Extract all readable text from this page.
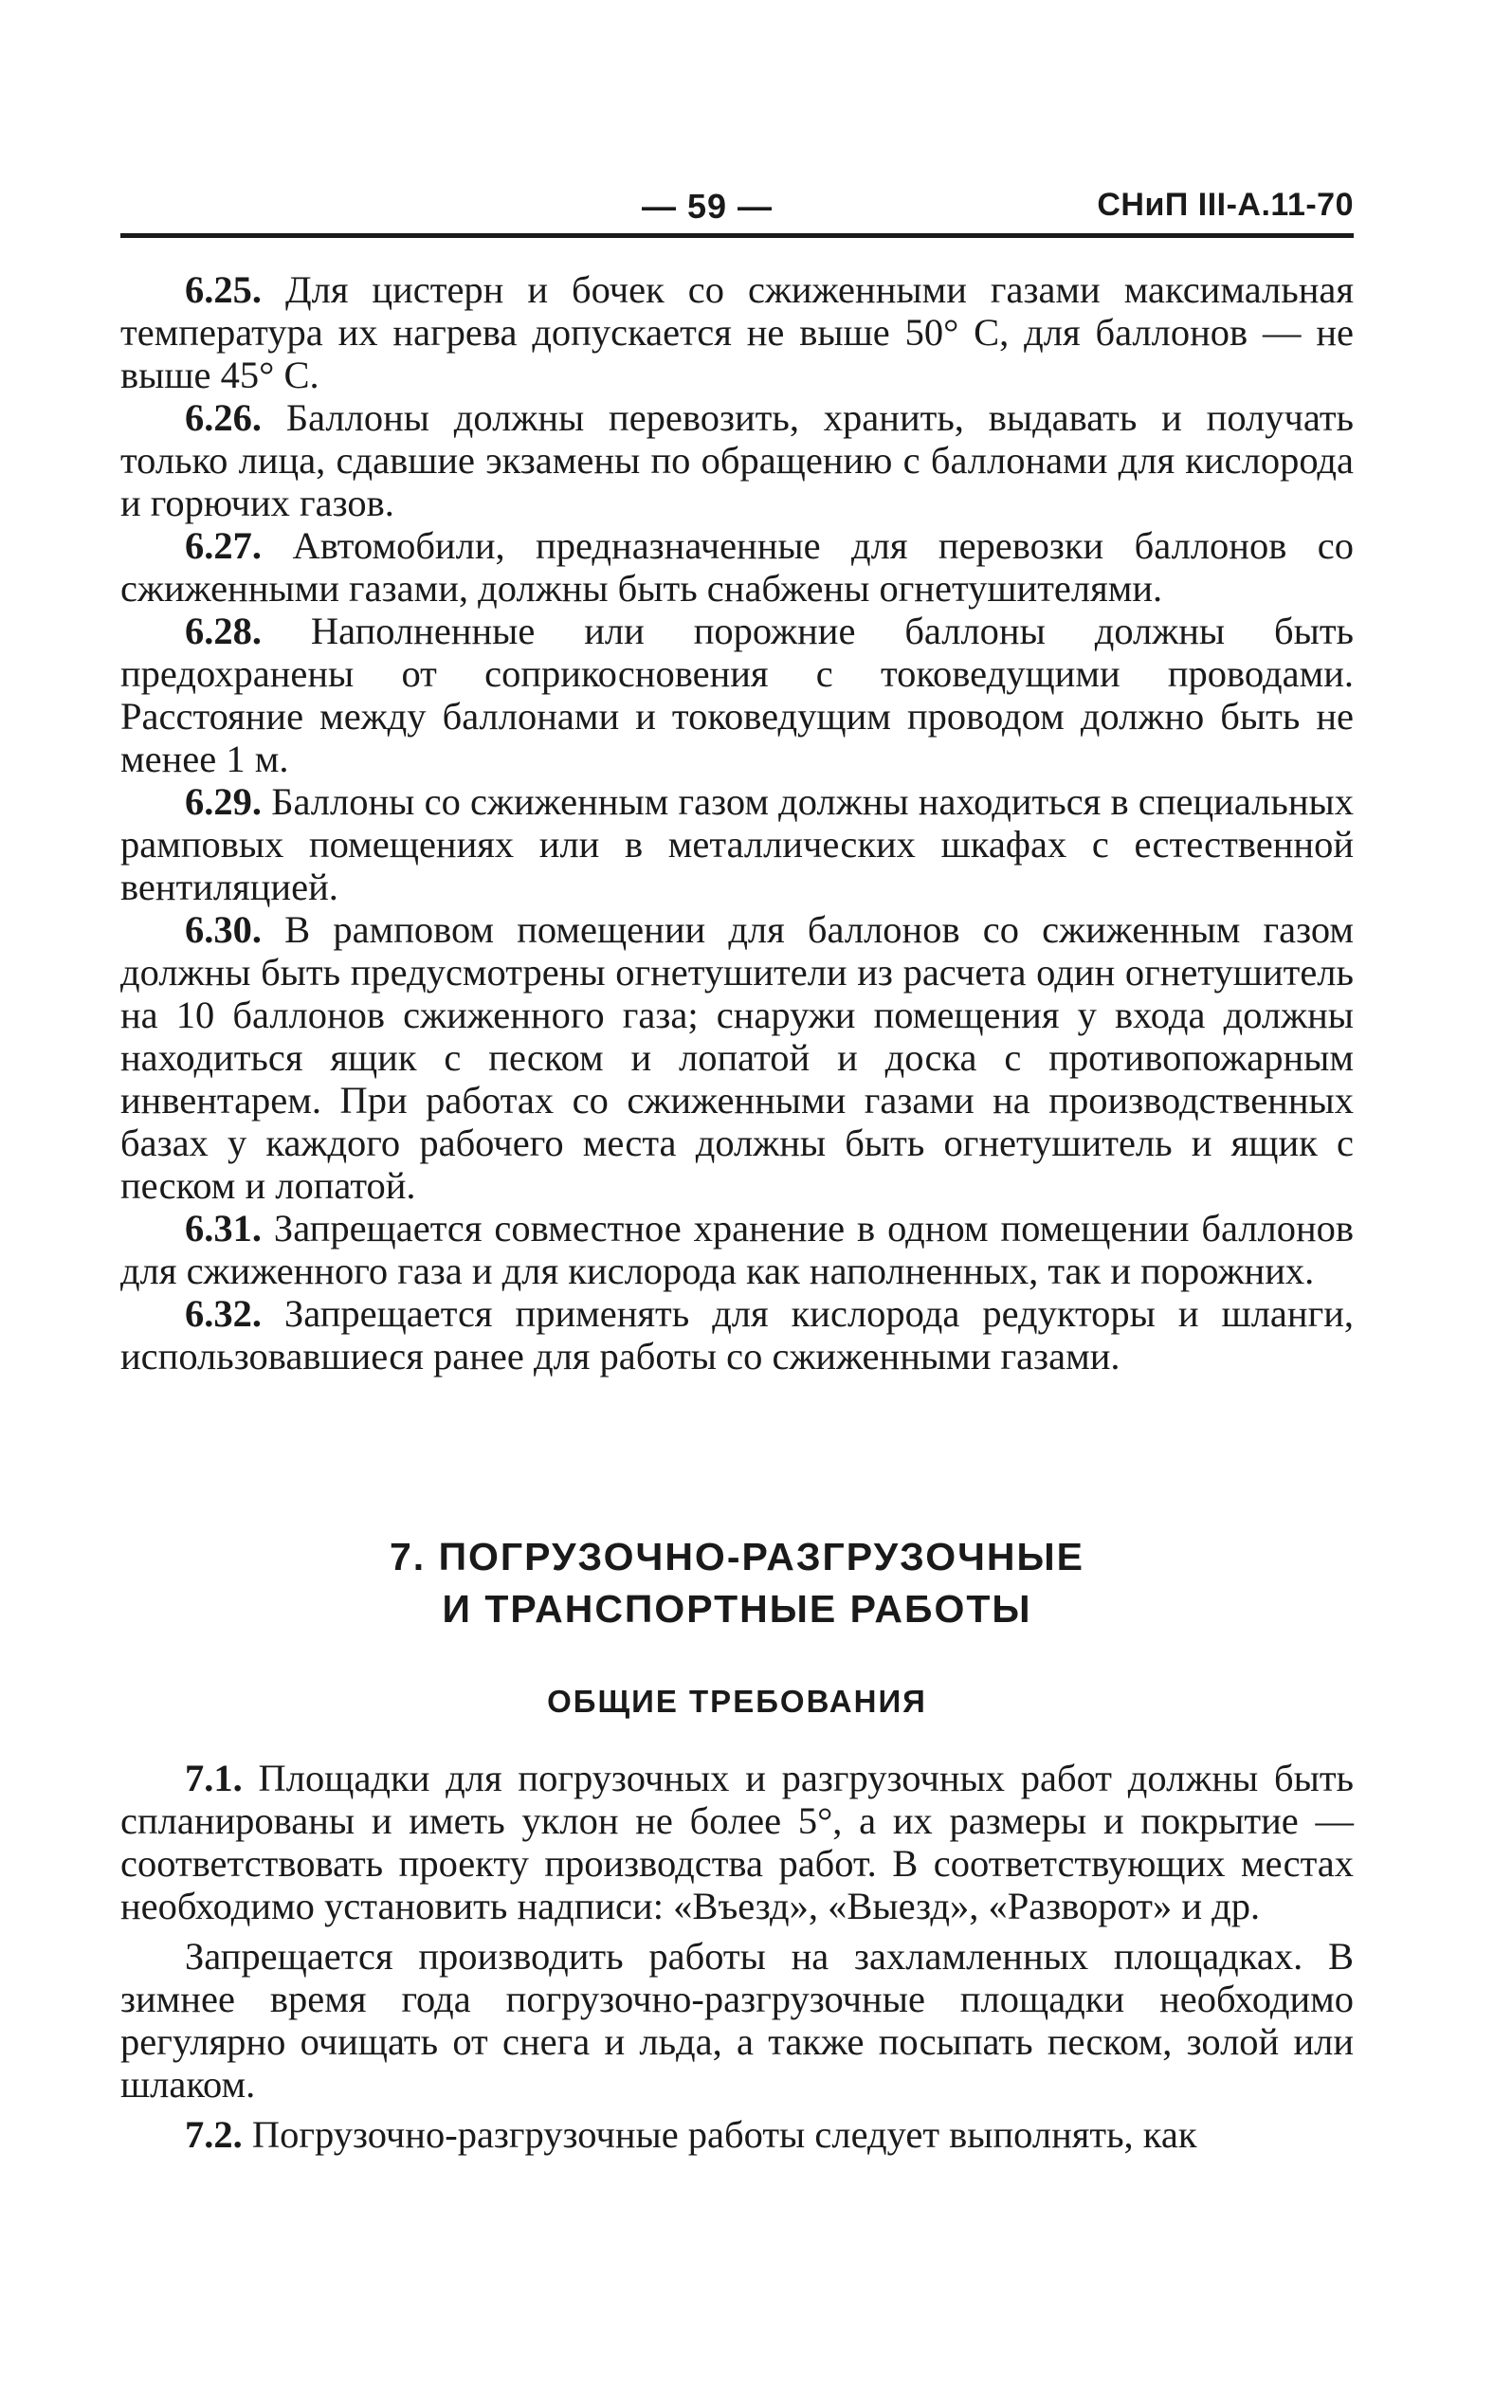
— 59 —	СНиП III-А.11-70

6.25. Для цистерн и бочек со сжиженными газами максимальная температура их нагрева допускается не выше 50° С, для баллонов — не выше 45° С.

6.26. Баллоны должны перевозить, хранить, выдавать и получать только лица, сдавшие экзамены по обращению с баллонами для кислорода и горючих газов.

6.27. Автомобили, предназначенные для перевозки баллонов со сжиженными газами, должны быть снабжены огнетушителями.

6.28. Наполненные или порожние баллоны должны быть предохранены от соприкосновения с токоведущими проводами. Расстояние между баллонами и токоведущим проводом должно быть не менее 1 м.

6.29. Баллоны со сжиженным газом должны находиться в специальных рамповых помещениях или в металлических шкафах с естественной вентиляцией.

6.30. В рамповом помещении для баллонов со сжиженным газом должны быть предусмотрены огнетушители из расчета один огнетушитель на 10 баллонов сжиженного газа; снаружи помещения у входа должны находиться ящик с песком и лопатой и доска с противопожарным инвентарем. При работах со сжиженными газами на производственных базах у каждого рабочего места должны быть огнетушитель и ящик с песком и лопатой.

6.31. Запрещается совместное хранение в одном помещении баллонов для сжиженного газа и для кислорода как наполненных, так и порожних.

6.32. Запрещается применять для кислорода редукторы и шланги, использовавшиеся ранее для работы со сжиженными газами.

7. ПОГРУЗОЧНО-РАЗГРУЗОЧНЫЕ
И ТРАНСПОРТНЫЕ РАБОТЫ
ОБЩИЕ ТРЕБОВАНИЯ

7.1. Площадки для погрузочных и разгрузочных работ должны быть спланированы и иметь уклон не более 5°, а их размеры и покрытие — соответствовать проекту производства работ. В соответствующих местах необходимо установить надписи: «Въезд», «Выезд», «Разворот» и др.

Запрещается производить работы на захламленных площадках. В зимнее время года погрузочно-разгрузочные площадки необходимо регулярно очищать от снега и льда, а также посыпать песком, золой или шлаком.

7.2. Погрузочно-разгрузочные работы следует выполнять, как
